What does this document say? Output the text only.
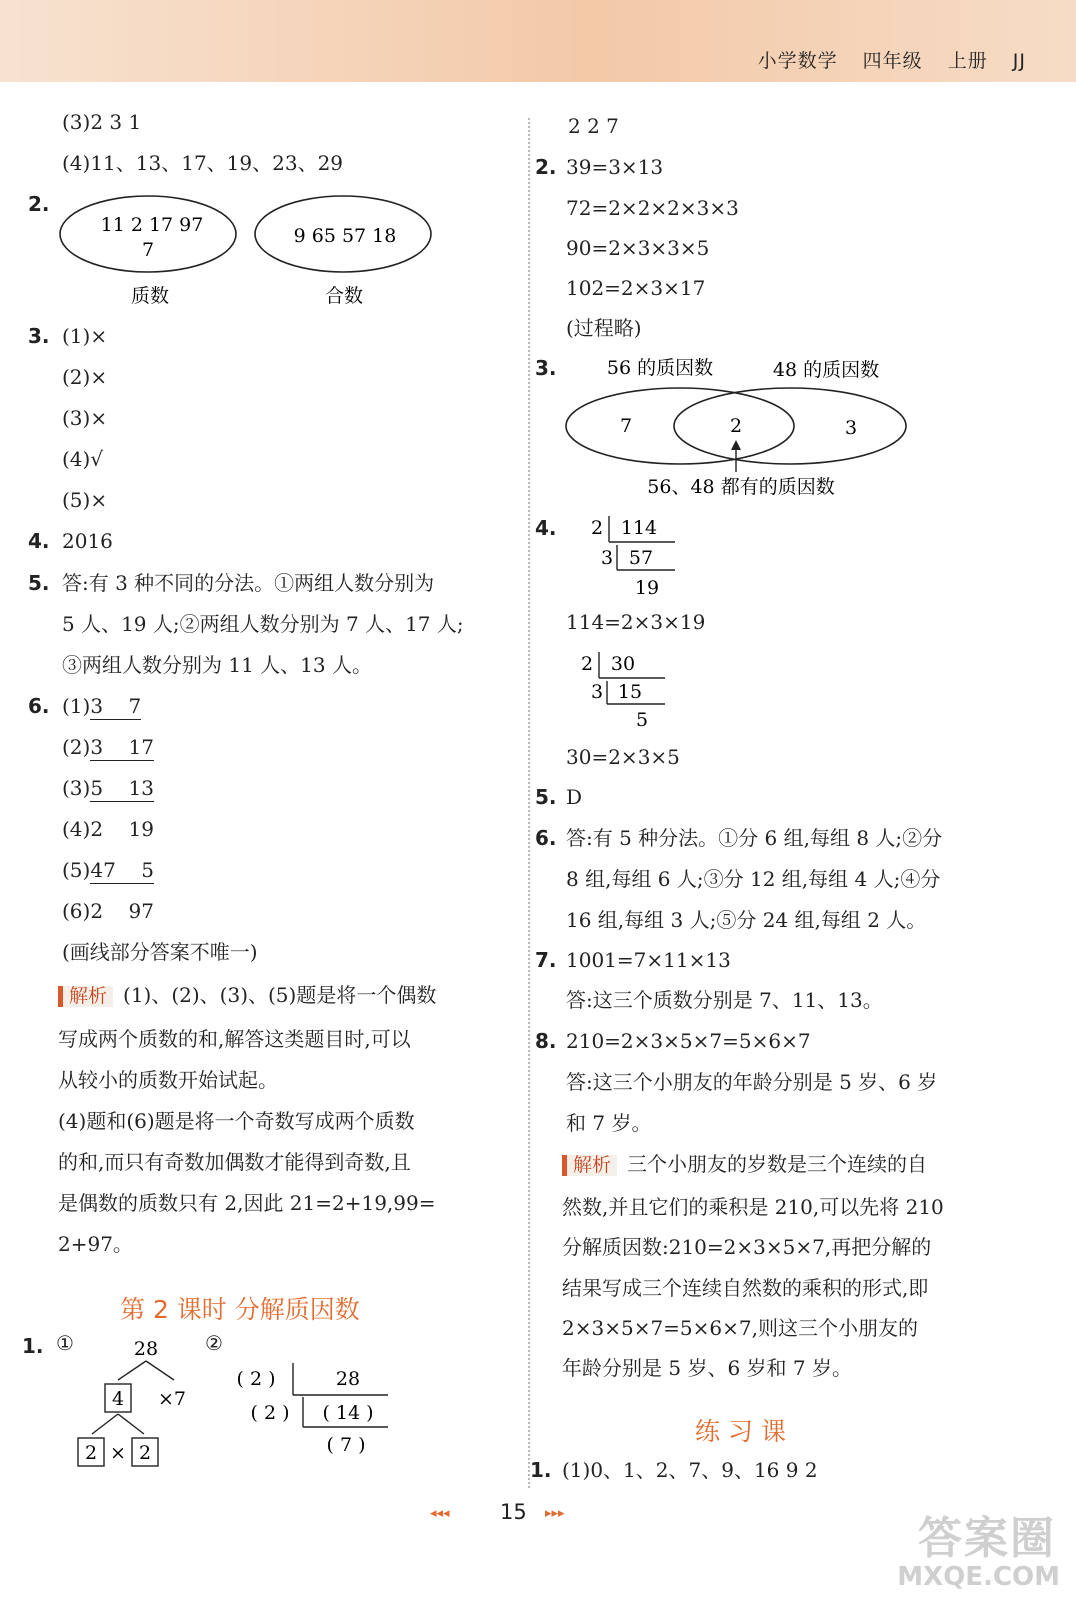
小学数学 四年级 上册 JJ
(3)2 3 1
(4)11、13、17、19、23、29
2.
11 2 17 97
7
9 65 57 18
质数	合数
3. (1)×
(2)×
(3)×
(4)√
(5)×
4. 2016
5. 答:有 3 种不同的分法。①两组人数分别为
5 人、19 人;②两组人数分别为 7 人、17 人;
③两组人数分别为 11 人、13 人。
6. (1)3 7
(2)3 17
(3)5 13
(4)2 19
(5)47 5
(6)2 97
(画线部分答案不唯一)
解析 (1)、(2)、(3)、(5)题是将一个偶数
写成两个质数的和,解答这类题目时,可以
从较小的质数开始试起。
(4)题和(6)题是将一个奇数写成两个质数
的和,而只有奇数加偶数才能得到奇数,且
是偶数的质数只有 2,因此 21=2+19,99=
2+97。
第 2 课时 分解质因数
1. ①	②
28
4 ×7
2 × 2
( 2 )	28
( 2 ) ( 14 )
( 7 )
2 2 7
2. 39=3×13
72=2×2×2×3×3
90=2×3×3×5
102=2×3×17
(过程略)
3.	56 的质因数	48 的质因数
7	2	3
56、48 都有的质因数
4. 2 114
3 57
19
114=2×3×19
2 30
3 15
5
30=2×3×5
5. D
6. 答:有 5 种分法。①分 6 组,每组 8 人;②分
8 组,每组 6 人;③分 12 组,每组 4 人;④分
16 组,每组 3 人;⑤分 24 组,每组 2 人。
7. 1001=7×11×13
答:这三个质数分别是 7、11、13。
8. 210=2×3×5×7=5×6×7
答:这三个小朋友的年龄分别是 5 岁、6 岁
和 7 岁。
解析 三个小朋友的岁数是三个连续的自
然数,并且它们的乘积是 210,可以先将 210
分解质因数:210=2×3×5×7,再把分解的
结果写成三个连续自然数的乘积的形式,即
2×3×5×7=5×6×7,则这三个小朋友的
年龄分别是 5 岁、6 岁和 7 岁。
练 习 课
1. (1)0、1、2、7、9、16 9 2
◂◂◂ 15 ▸▸▸	答案圈
MXQE.COM
